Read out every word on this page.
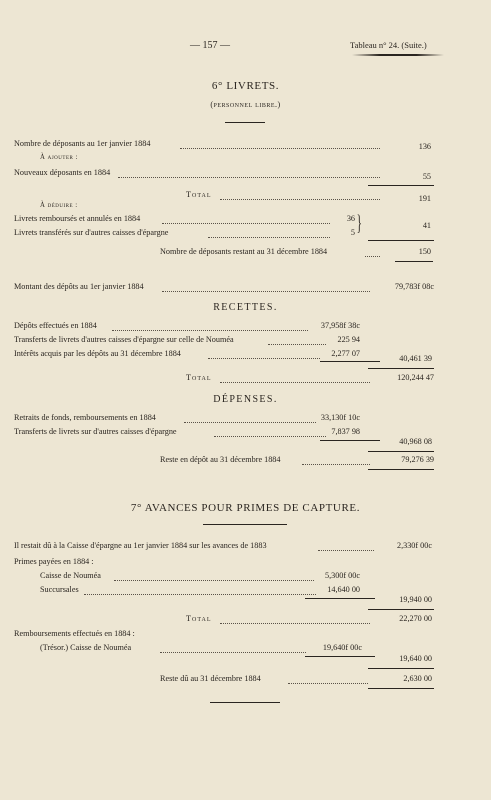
— 157 —	Tableau n° 24. (Suite.)
6° LIVRETS.
(personnel libre.)
Nombre de déposants au 1er janvier 1884	136
À ajouter :
Nouveaux déposants en 1884	55
Total	191
À déduire :
Livrets remboursés et annulés en 1884	36
Livrets transférés sur d'autres caisses d'épargne	5 }	41
Nombre de déposants restant au 31 décembre 1884	150
Montant des dépôts au 1er janvier 1884	79,783f 08c
RECETTES.
Dépôts effectués en 1884	37,958f 38c
Transferts de livrets d'autres caisses d'épargne sur celle de Nouméa	225 94
Intérêts acquis par les dépôts au 31 décembre 1884	2,277 07
40,461 39
Total	120,244 47
DÉPENSES.
Retraits de fonds, remboursements en 1884	33,130f 10c
Transferts de livrets sur d'autres caisses d'épargne	7,837 98
40,968 08
Reste en dépôt au 31 décembre 1884	79,276 39
7° AVANCES POUR PRIMES DE CAPTURE.
Il restait dû à la Caisse d'épargne au 1er janvier 1884 sur les avances de 1883	2,330f 00c
Primes payées en 1884 :
Caisse de Nouméa	5,300f 00c
Succursales	14,640 00
19,940 00
Total	22,270 00
Remboursements effectués en 1884 :
(Trésor.) Caisse de Nouméa	19,640f 00c
19,640 00
Reste dû au 31 décembre 1884	2,630 00
